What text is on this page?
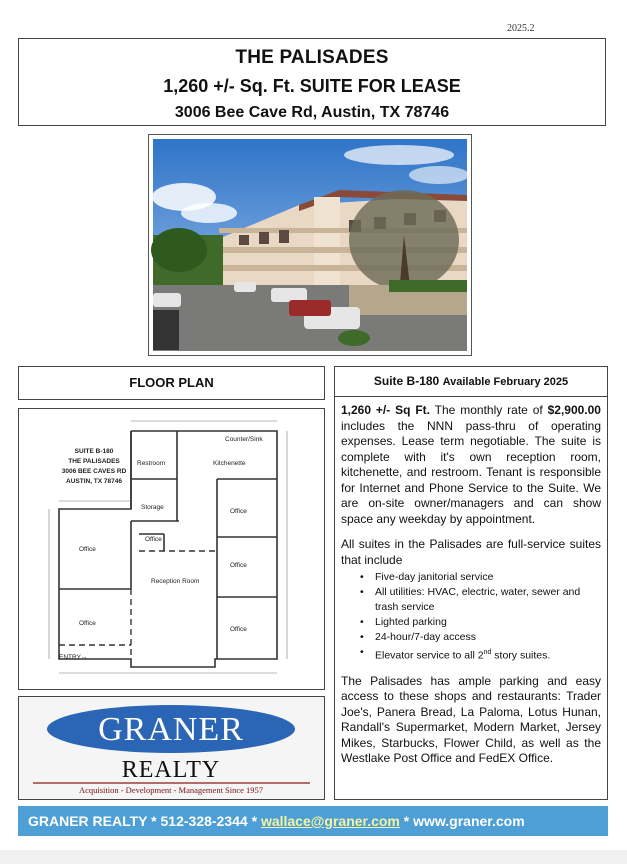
2025.2
THE PALISADES
1,260 +/- Sq. Ft. SUITE FOR LEASE
3006 Bee Cave Rd, Austin, TX 78746
FLOOR PLAN
SUITE B-180
THE PALISADES
3006 BEE CAVES RD
AUSTIN, TX 78746
Restroom	Kitchenette
Counter/Sink
Storage
Office
Office
Office
Office
Office
Office
Reception Room
ENTRY→
GRANER
REALTY
Acquisition - Development - Management Since 1957
Suite B-180 Available February 2025

1,260 +/- Sq Ft. The monthly rate of $2,900.00 includes the NNN pass-thru of operating expenses. Lease term negotiable. The suite is complete with it's own reception room, kitchenette, and restroom. Tenant is responsible for Internet and Phone Service to the Suite. We are on-site owner/managers and can show space any weekday by appointment.

All suites in the Palisades are full-service suites that include

• Five-day janitorial service
• All utilities: HVAC, electric, water, sewer and trash service
• Lighted parking
• 24-hour/7-day access
• Elevator service to all 2nd story suites.

The Palisades has ample parking and easy access to these shops and restaurants: Trader Joe's, Panera Bread, La Paloma, Lotus Hunan, Randall's Supermarket, Modern Market, Jersey Mikes, Starbucks, Flower Child, as well as the Westlake Post Office and FedEX Office.

GRANER REALTY * 512-328-2344 * wallace@graner.com * www.graner.com
